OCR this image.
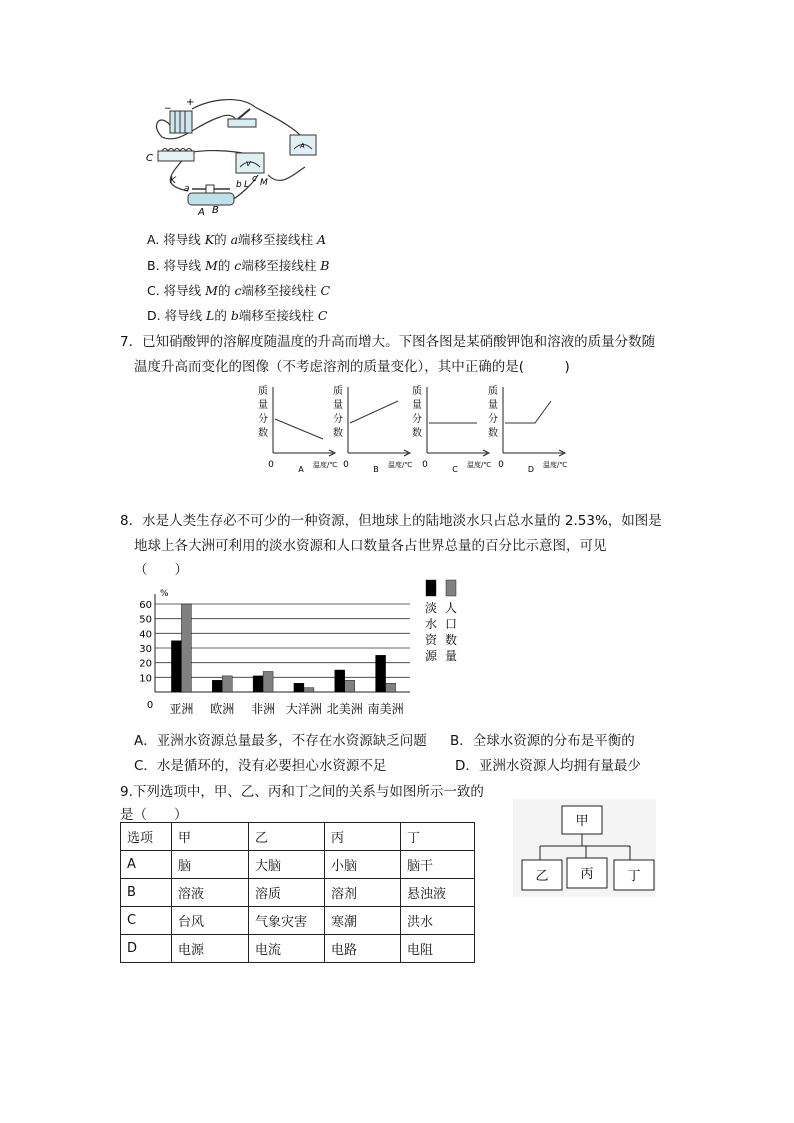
−
+
C
K
V
A
b L
c M
a
A B
A. 将导线 K的 a端移至接线柱 A
B. 将导线 M的 c端移至接线柱 B
C. 将导线 M的 c端移至接线柱 C
D. 将导线 L的 b端移至接线柱 C
7．已知硝酸钾的溶解度随温度的升高而增大。下图各图是某硝酸钾饱和溶液的质量分数随
温度升高而变化的图像（不考虑溶剂的质量变化），其中正确的是(　　　)
质
量
分
数
0	温度/℃
A
质
量
分
数
0	温度/℃
B
质
量
分
数
0	温度/℃
C
质
量
分
数
0	温度/℃
D
8．水是人类生存必不可少的一种资源，但地球上的陆地淡水只占总水量的 2.53%，如图是
地球上各大洲可利用的淡水资源和人口数量各占世界总量的百分比示意图，可见
（　　）
%
10
20
30
40
50
60
0 亚洲 欧洲 非洲 大洋洲 北美洲 南美洲
淡
水
资
源
人
口
数
量
A．亚洲水资源总量最多，不存在水资源缺乏问题 B．全球水资源的分布是平衡的
C．水是循环的，没有必要担心水资源不足	D．亚洲水资源人均拥有量最少
9.下列选项中，甲、乙、丙和丁之间的关系与如图所示一致的
是（　　）
选项	甲	乙	丙	丁
A	脑	大脑	小脑	脑干
B	溶液	溶质	溶剂	悬浊液
C	台风	气象灾害	寒潮	洪水
D	电源	电流	电路	电阻
甲
乙 丙	丁
